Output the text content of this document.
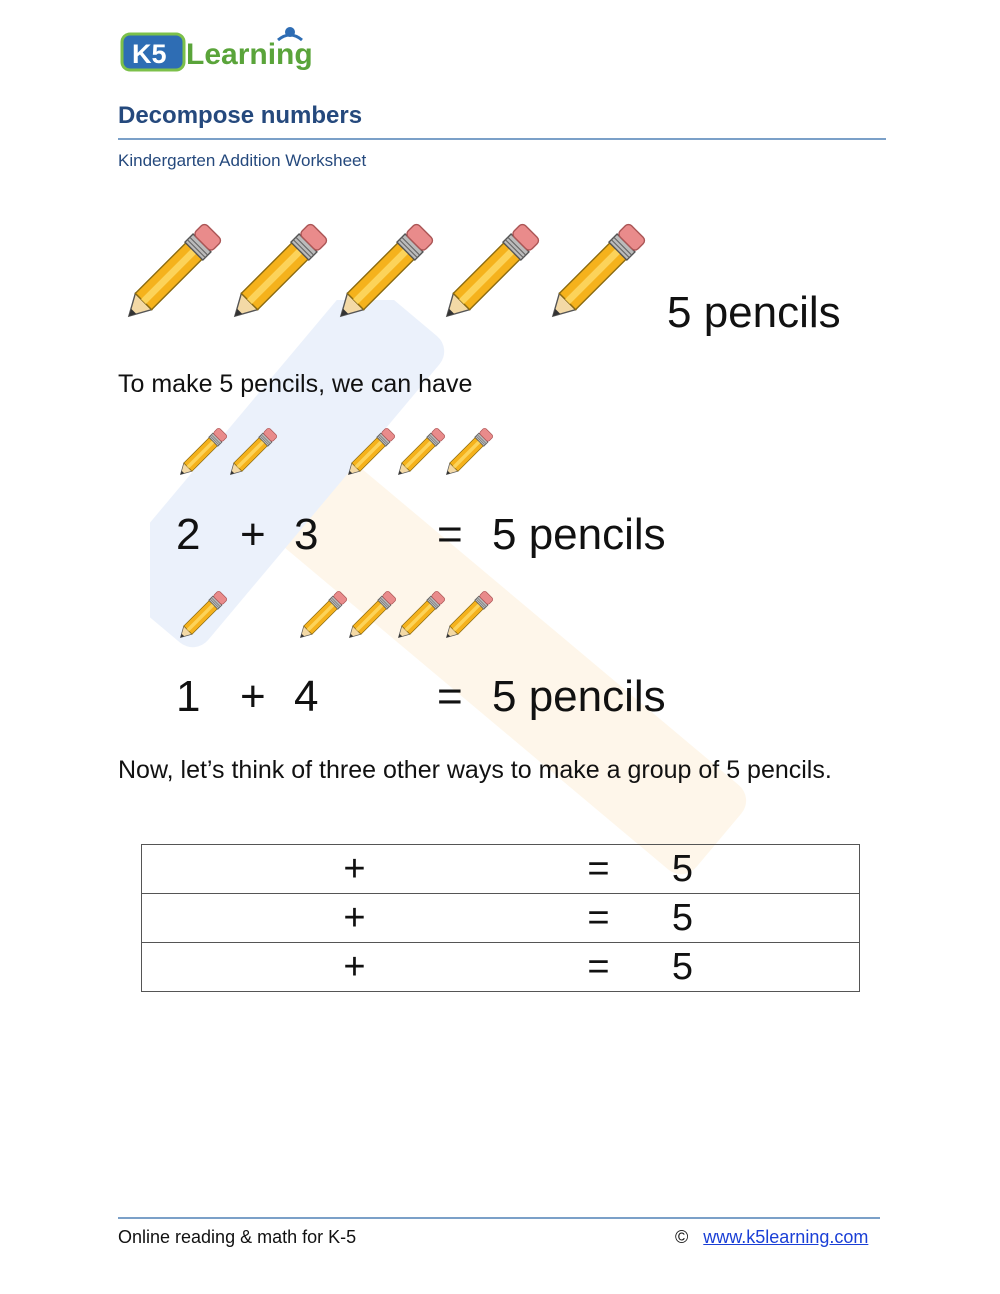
K5 Learning
Decompose numbers
Kindergarten Addition Worksheet
5 pencils
To make 5 pencils, we can have
2 + 3	= 5 pencils
1 + 4	= 5 pencils
Now, let’s think of three other ways to make a group of 5 pencils.
	+		=	5	
	+		=	5	
	+		=	5	
Online reading & math for K-5	© www.k5learning.com
